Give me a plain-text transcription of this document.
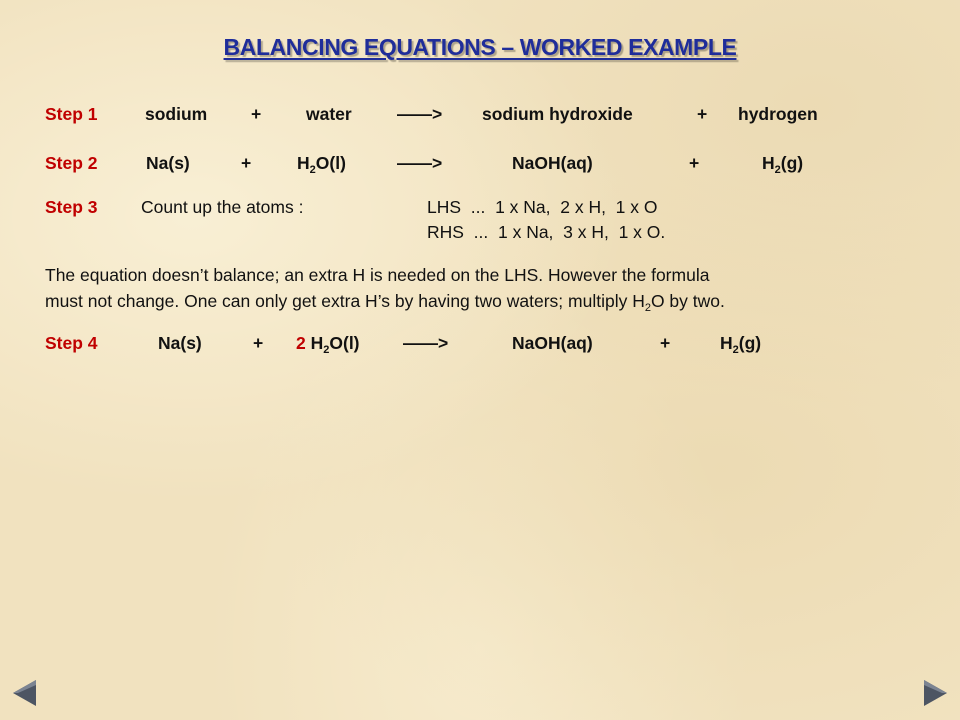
BALANCING EQUATIONS – WORKED EXAMPLE
Step 1	sodium	+	water	——> sodium hydroxide	+ hydrogen
Step 2	Na(s)	+	$H_2O(l)$	——>	NaOH(aq)	+	$H_2(g)$
Step 3 Count up the atoms :	LHS  ...  1 x Na,  2 x H,  1 x O
RHS  ...  1 x Na,  3 x H,  1 x O.
The equation doesn’t balance; an extra H is needed on the LHS. However the formula
must not change. One can only get extra H’s by having two waters; multiply $H_2O$ by two.
Step 4	Na(s)	+ 2 $H_2O(l)$ ——>	NaOH(aq)	+	$H_2(g)$
